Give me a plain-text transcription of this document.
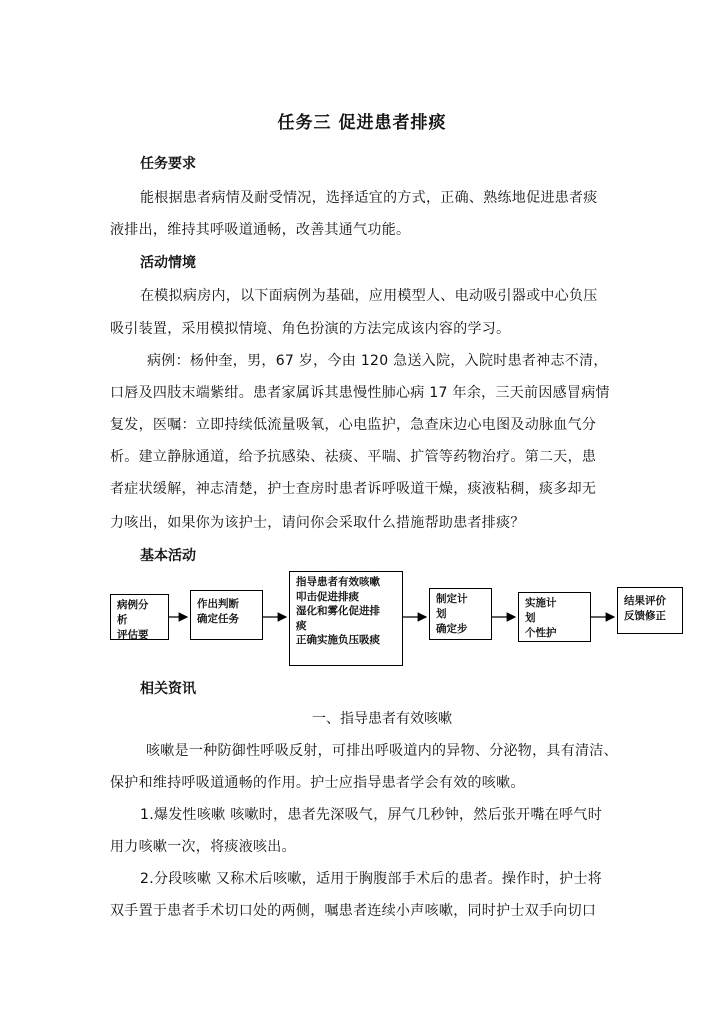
任务三 促进患者排痰
任务要求
能根据患者病情及耐受情况，选择适宜的方式，正确、熟练地促进患者痰
液排出，维持其呼吸道通畅，改善其通气功能。
活动情境
在模拟病房内，以下面病例为基础，应用模型人、电动吸引器或中心负压
吸引装置，采用模拟情境、角色扮演的方法完成该内容的学习。
病例：杨仲奎，男，67 岁，今由 120 急送入院，入院时患者神志不清，
口唇及四肢末端紫绀。患者家属诉其患慢性肺心病 17 年余，三天前因感冒病情
复发，医嘱：立即持续低流量吸氧，心电监护，急查床边心电图及动脉血气分
析。建立静脉通道，给予抗感染、祛痰、平喘、扩管等药物治疗。第二天，患
者症状缓解，神志清楚，护士查房时患者诉呼吸道干燥，痰液粘稠，痰多却无
力咳出，如果你为该护士，请问你会采取什么措施帮助患者排痰？
基本活动
病例分
析
评估要
作出判断
确定任务
指导患者有效咳嗽
叩击促进排痰
湿化和雾化促进排
痰
正确实施负压吸痰
制定计
划
确定步
实施计
划
个性护
结果评价
反馈修正
相关资讯
一、指导患者有效咳嗽
咳嗽是一种防御性呼吸反射，可排出呼吸道内的异物、分泌物，具有清洁、
保护和维持呼吸道通畅的作用。护士应指导患者学会有效的咳嗽。
1.爆发性咳嗽 咳嗽时，患者先深吸气，屏气几秒钟，然后张开嘴在呼气时
用力咳嗽一次，将痰液咳出。
2.分段咳嗽 又称术后咳嗽，适用于胸腹部手术后的患者。操作时，护士将
双手置于患者手术切口处的两侧，嘱患者连续小声咳嗽，同时护士双手向切口
